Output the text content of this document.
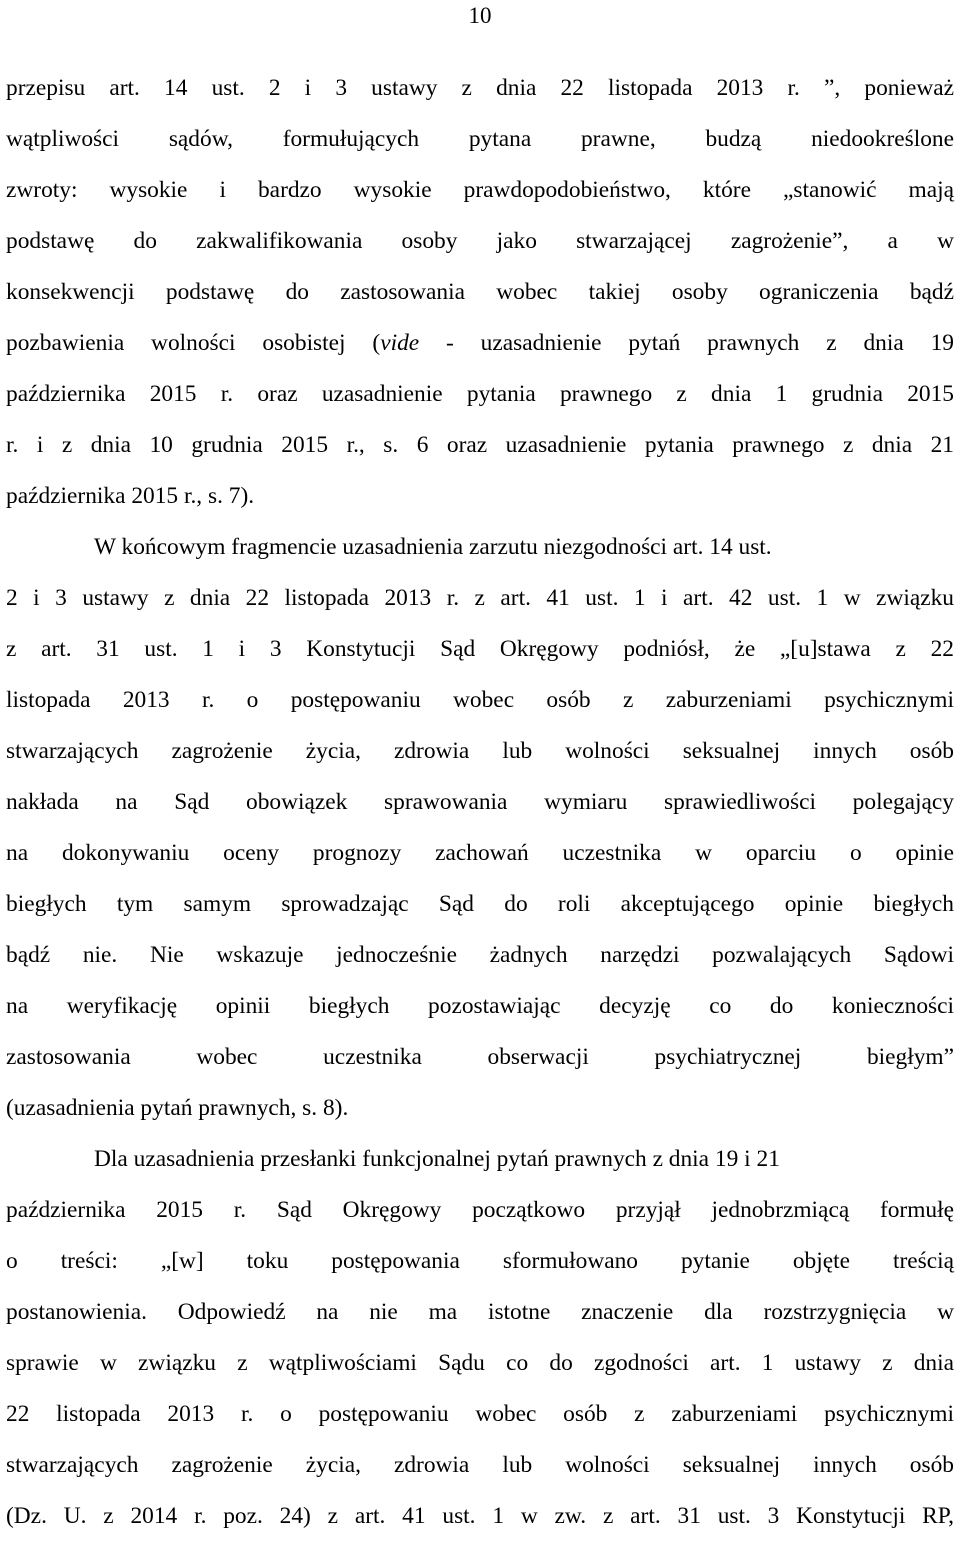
10
przepisu art. 14 ust. 2 i 3 ustawy z dnia 22 listopada 2013 r. ”, ponieważ
wątpliwości sądów, formułujących pytana prawne, budzą niedookreślone
zwroty: wysokie i bardzo wysokie prawdopodobieństwo, które „stanowić mają
podstawę do zakwalifikowania osoby jako stwarzającej zagrożenie”, a w
konsekwencji podstawę do zastosowania wobec takiej osoby ograniczenia bądź
pozbawienia wolności osobistej (vide - uzasadnienie pytań prawnych z dnia 19
października 2015 r. oraz uzasadnienie pytania prawnego z dnia 1 grudnia 2015
r. i z dnia 10 grudnia 2015 r., s. 6 oraz uzasadnienie pytania prawnego z dnia 21
października 2015 r., s. 7).
W końcowym fragmencie uzasadnienia zarzutu niezgodności art. 14 ust.
2 i 3 ustawy z dnia 22 listopada 2013 r. z art. 41 ust. 1 i art. 42 ust. 1 w związku
z art. 31 ust. 1 i 3 Konstytucji Sąd Okręgowy podniósł, że „[u]stawa z 22
listopada 2013 r. o postępowaniu wobec osób z zaburzeniami psychicznymi
stwarzających zagrożenie życia, zdrowia lub wolności seksualnej innych osób
nakłada na Sąd obowiązek sprawowania wymiaru sprawiedliwości polegający
na dokonywaniu oceny prognozy zachowań uczestnika w oparciu o opinie
biegłych tym samym sprowadzając Sąd do roli akceptującego opinie biegłych
bądź nie. Nie wskazuje jednocześnie żadnych narzędzi pozwalających Sądowi
na weryfikację opinii biegłych pozostawiając decyzję co do konieczności
zastosowania wobec uczestnika obserwacji psychiatrycznej biegłym”
(uzasadnienia pytań prawnych, s. 8).
Dla uzasadnienia przesłanki funkcjonalnej pytań prawnych z dnia 19 i 21
października 2015 r. Sąd Okręgowy początkowo przyjął jednobrzmiącą formułę
o treści: „[w] toku postępowania sformułowano pytanie objęte treścią
postanowienia. Odpowiedź na nie ma istotne znaczenie dla rozstrzygnięcia w
sprawie w związku z wątpliwościami Sądu co do zgodności art. 1 ustawy z dnia
22 listopada 2013 r. o postępowaniu wobec osób z zaburzeniami psychicznymi
stwarzających zagrożenie życia, zdrowia lub wolności seksualnej innych osób
(Dz. U. z 2014 r. poz. 24) z art. 41 ust. 1 w zw. z art. 31 ust. 3 Konstytucji RP,
